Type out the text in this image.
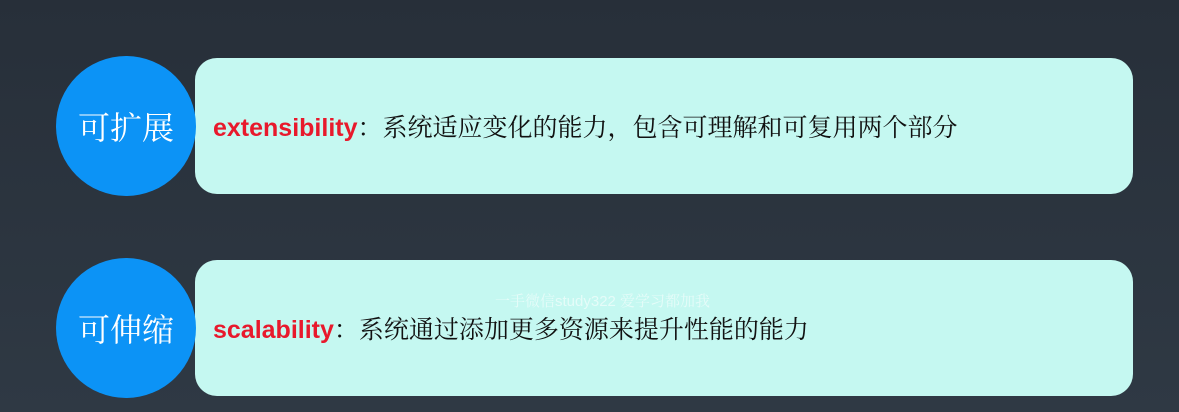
extensibility：系统适应变化的能力，包含可理解和可复用两个部分
可扩展
scalability：系统通过添加更多资源来提升性能的能力
可伸缩
一手微信study322 爱学习都加我
